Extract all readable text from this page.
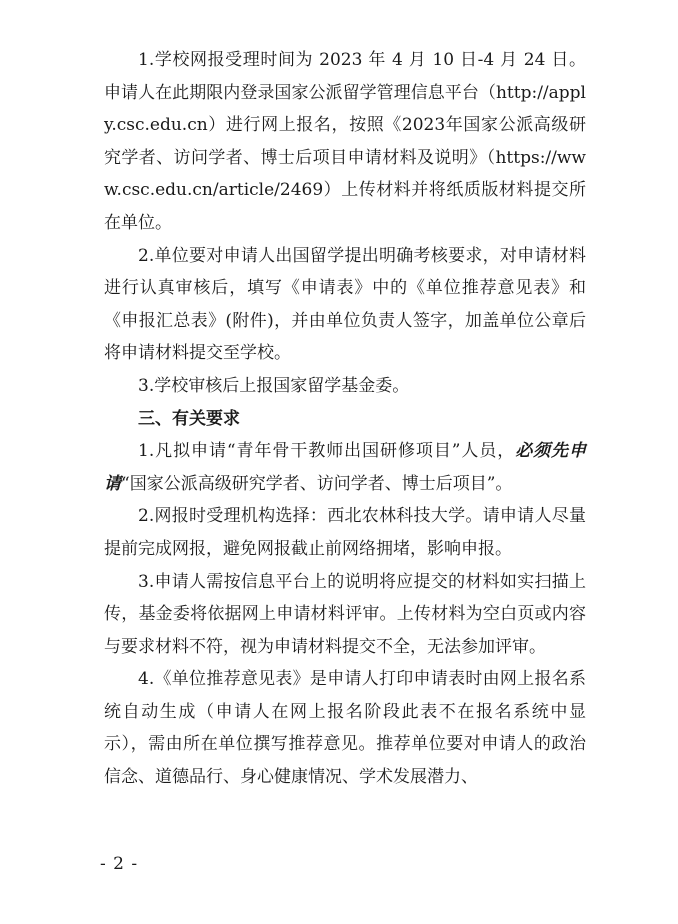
1.学校网报受理时间为 2023 年 4 月 10 日-4 月 24 日。申请人在此期限内登录国家公派留学管理信息平台（http://apply.csc.edu.cn）进行网上报名，按照《2023年国家公派高级研究学者、访问学者、博士后项目申请材料及说明》（https://www.csc.edu.cn/article/2469）上传材料并将纸质版材料提交所在单位。

2.单位要对申请人出国留学提出明确考核要求，对申请材料进行认真审核后，填写《申请表》中的《单位推荐意见表》和《申报汇总表》(附件)，并由单位负责人签字，加盖单位公章后将申请材料提交至学校。

3.学校审核后上报国家留学基金委。

三、有关要求

1.凡拟申请“青年骨干教师出国研修项目”人员，必须先申请“国家公派高级研究学者、访问学者、博士后项目”。

2.网报时受理机构选择：西北农林科技大学。请申请人尽量提前完成网报，避免网报截止前网络拥堵，影响申报。

3.申请人需按信息平台上的说明将应提交的材料如实扫描上传，基金委将依据网上申请材料评审。上传材料为空白页或内容与要求材料不符，视为申请材料提交不全，无法参加评审。

4.《单位推荐意见表》是申请人打印申请表时由网上报名系统自动生成（申请人在网上报名阶段此表不在报名系统中显示），需由所在单位撰写推荐意见。推荐单位要对申请人的政治信念、道德品行、身心健康情况、学术发展潜力、

- 2 -
